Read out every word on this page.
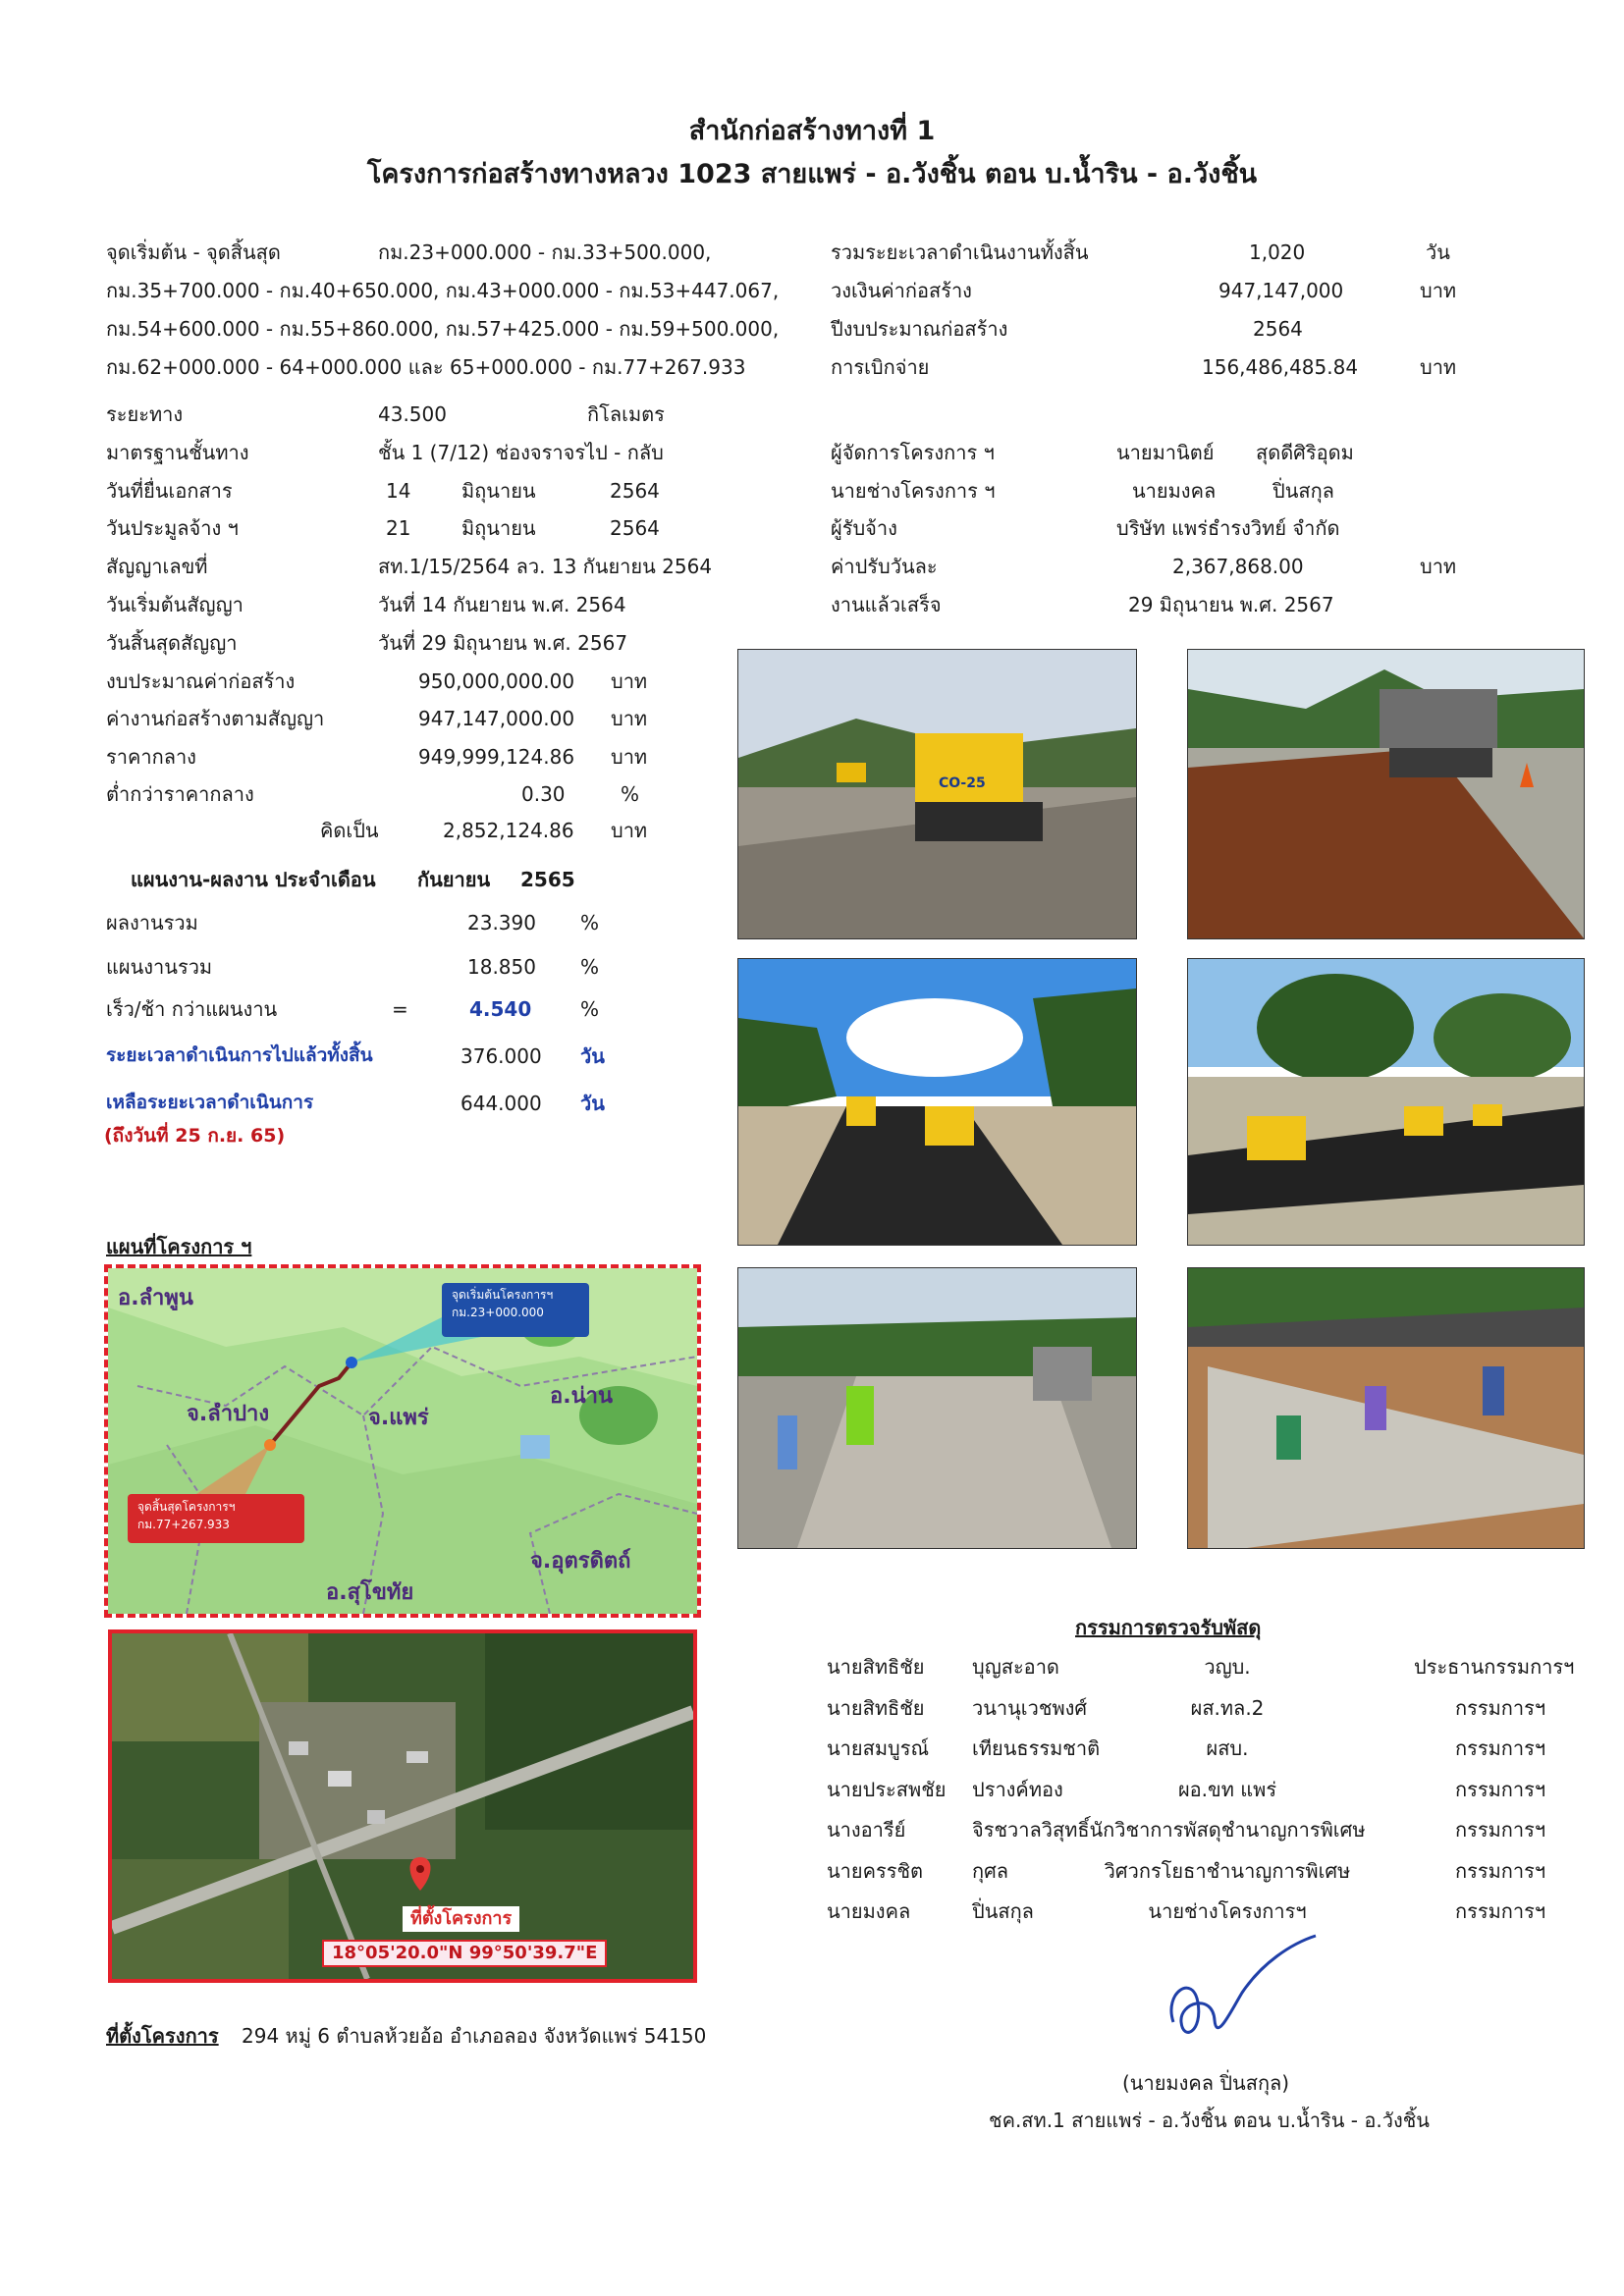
สำนักก่อสร้างทางที่ 1
โครงการก่อสร้างทางหลวง 1023 สายแพร่ - อ.วังชิ้น ตอน บ.น้ำริน - อ.วังชิ้น
จุดเริ่มต้น - จุดสิ้นสุด	กม.23+000.000 - กม.33+500.000,
กม.35+700.000 - กม.40+650.000, กม.43+000.000 - กม.53+447.067,
กม.54+600.000 - กม.55+860.000, กม.57+425.000 - กม.59+500.000,
กม.62+000.000 - 64+000.000 และ 65+000.000 - กม.77+267.933
ระยะทาง	43.500	กิโลเมตร
มาตรฐานชั้นทาง	ชั้น 1 (7/12) ช่องจราจรไป - กลับ
วันที่ยื่นเอกสาร	14	มิถุนายน	2564
วันประมูลจ้าง ฯ	21	มิถุนายน	2564
สัญญาเลขที่	สท.1/15/2564 ลว. 13 กันยายน 2564
วันเริ่มต้นสัญญา	วันที่ 14 กันยายน พ.ศ. 2564
วันสิ้นสุดสัญญา	วันที่ 29 มิถุนายน พ.ศ. 2567
งบประมาณค่าก่อสร้าง	950,000,000.00 บาท
ค่างานก่อสร้างตามสัญญา	947,147,000.00 บาท
ราคากลาง	949,999,124.86 บาท
ต่ำกว่าราคากลาง	0.30	%
คิดเป็น	2,852,124.86 บาท
รวมระยะเวลาดำเนินงานทั้งสิ้น	1,020	วัน
วงเงินค่าก่อสร้าง	947,147,000	บาท
ปีงบประมาณก่อสร้าง	2564
การเบิกจ่าย	156,486,485.84	บาท
ผู้จัดการโครงการ ฯ	นายมานิตย์ สุดดีศิริอุดม
นายช่างโครงการ ฯ	นายมงคล	ปิ่นสกุล
ผู้รับจ้าง	บริษัท แพร่ธำรงวิทย์ จำกัด
ค่าปรับวันละ	2,367,868.00	บาท
งานแล้วเสร็จ	29 มิถุนายน พ.ศ. 2567
แผนงาน-ผลงาน ประจำเดือน กันยายน 2565
ผลงานรวม	23.390 %
แผนงานรวม	18.850 %
เร็ว/ช้า กว่าแผนงาน	=	4.540 %
ระยะเวลาดำเนินการไปแล้วทั้งสิ้น	376.000 วัน
เหลือระยะเวลาดำเนินการ	644.000 วัน
(ถึงวันที่ 25 ก.ย. 65)
แผนที่โครงการ ฯ
อ.ลำพูน
จ.ลำปาง	จ.แพร่
อ.น่าน
จ.อุตรดิตถ์
อ.สุโขทัย
จุดเริ่มต้นโครงการฯ
กม.23+000.000
จุดสิ้นสุดโครงการฯ
กม.77+267.933
ที่ตั้งโครงการ
18°05'20.0"N 99°50'39.7"E
ที่ตั้งโครงการ 294 หมู่ 6 ตำบลห้วยอ้อ อำเภอลอง จังหวัดแพร่ 54150
CO-25
กรรมการตรวจรับพัสดุ
นายสิทธิชัย บุญสะอาด	วญบ.	ประธานกรรมการฯ
นายสิทธิชัย วนานุเวชพงศ์	ผส.ทล.2	กรรมการฯ
นายสมบูรณ์ เทียนธรรมชาติ	ผสบ.	กรรมการฯ
นายประสพชัย ปรางค์ทอง	ผอ.ขท แพร่	กรรมการฯ
นางอารีย์	จิรชวาลวิสุทธิ์ นักวิชาการพัสดุชำนาญการพิเศษ	กรรมการฯ
นายครรชิต กุศล	วิศวกรโยธาชำนาญการพิเศษ	กรรมการฯ
นายมงคล	ปิ่นสกุล	นายช่างโครงการฯ	กรรมการฯ
(นายมงคล ปิ่นสกุล)
ชค.สท.1 สายแพร่ - อ.วังชิ้น ตอน บ.น้ำริน - อ.วังชิ้น
